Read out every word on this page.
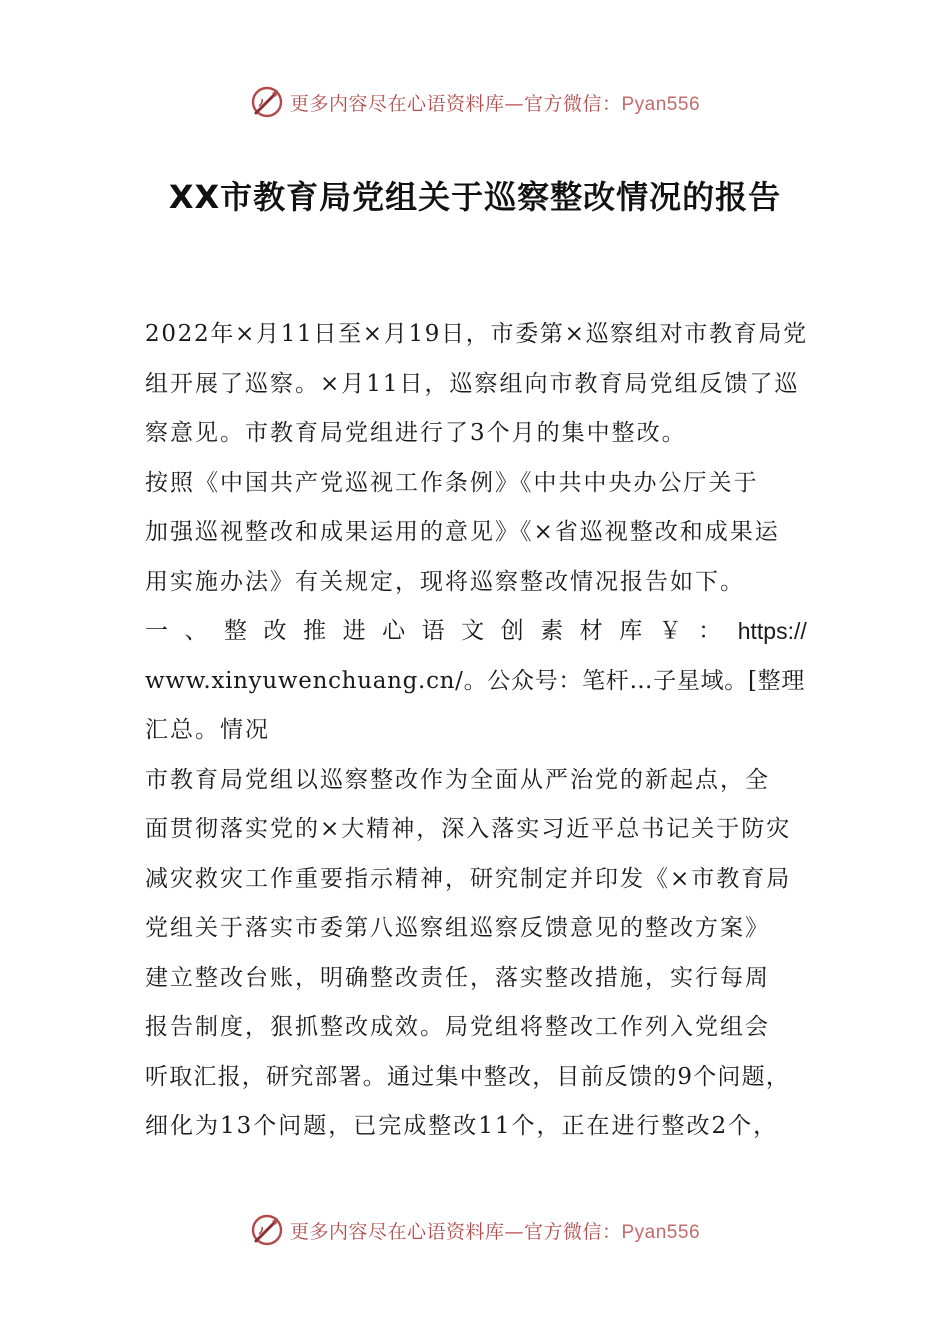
更多内容尽在心语资料库—官方微信：Pyan556
XX市教育局党组关于巡察整改情况的报告

2022年×月11日至×月19日，市委第×巡察组对市教育局党
组开展了巡察。×月11日，巡察组向市教育局党组反馈了巡
察意见。市教育局党组进行了3个月的集中整改。

按照《中国共产党巡视工作条例》《中共中央办公厅关于
加强巡视整改和成果运用的意见》《×省巡视整改和成果运
用实施办法》有关规定，现将巡察整改情况报告如下。

一 、 整 改 推 进 心 语 文 创 素 材 库 ￥ ： https://
www.xinyuwenchuang.cn/。公众号：笔杆…子星域。[整理
汇总。情况

市教育局党组以巡察整改作为全面从严治党的新起点，全
面贯彻落实党的×大精神，深入落实习近平总书记关于防灾
减灾救灾工作重要指示精神，研究制定并印发《×市教育局
党组关于落实市委第八巡察组巡察反馈意见的整改方案》
建立整改台账，明确整改责任，落实整改措施，实行每周
报告制度，狠抓整改成效。局党组将整改工作列入党组会
听取汇报，研究部署。通过集中整改，目前反馈的9个问题，
细化为13个问题，已完成整改11个，正在进行整改2个，

更多内容尽在心语资料库—官方微信：Pyan556
